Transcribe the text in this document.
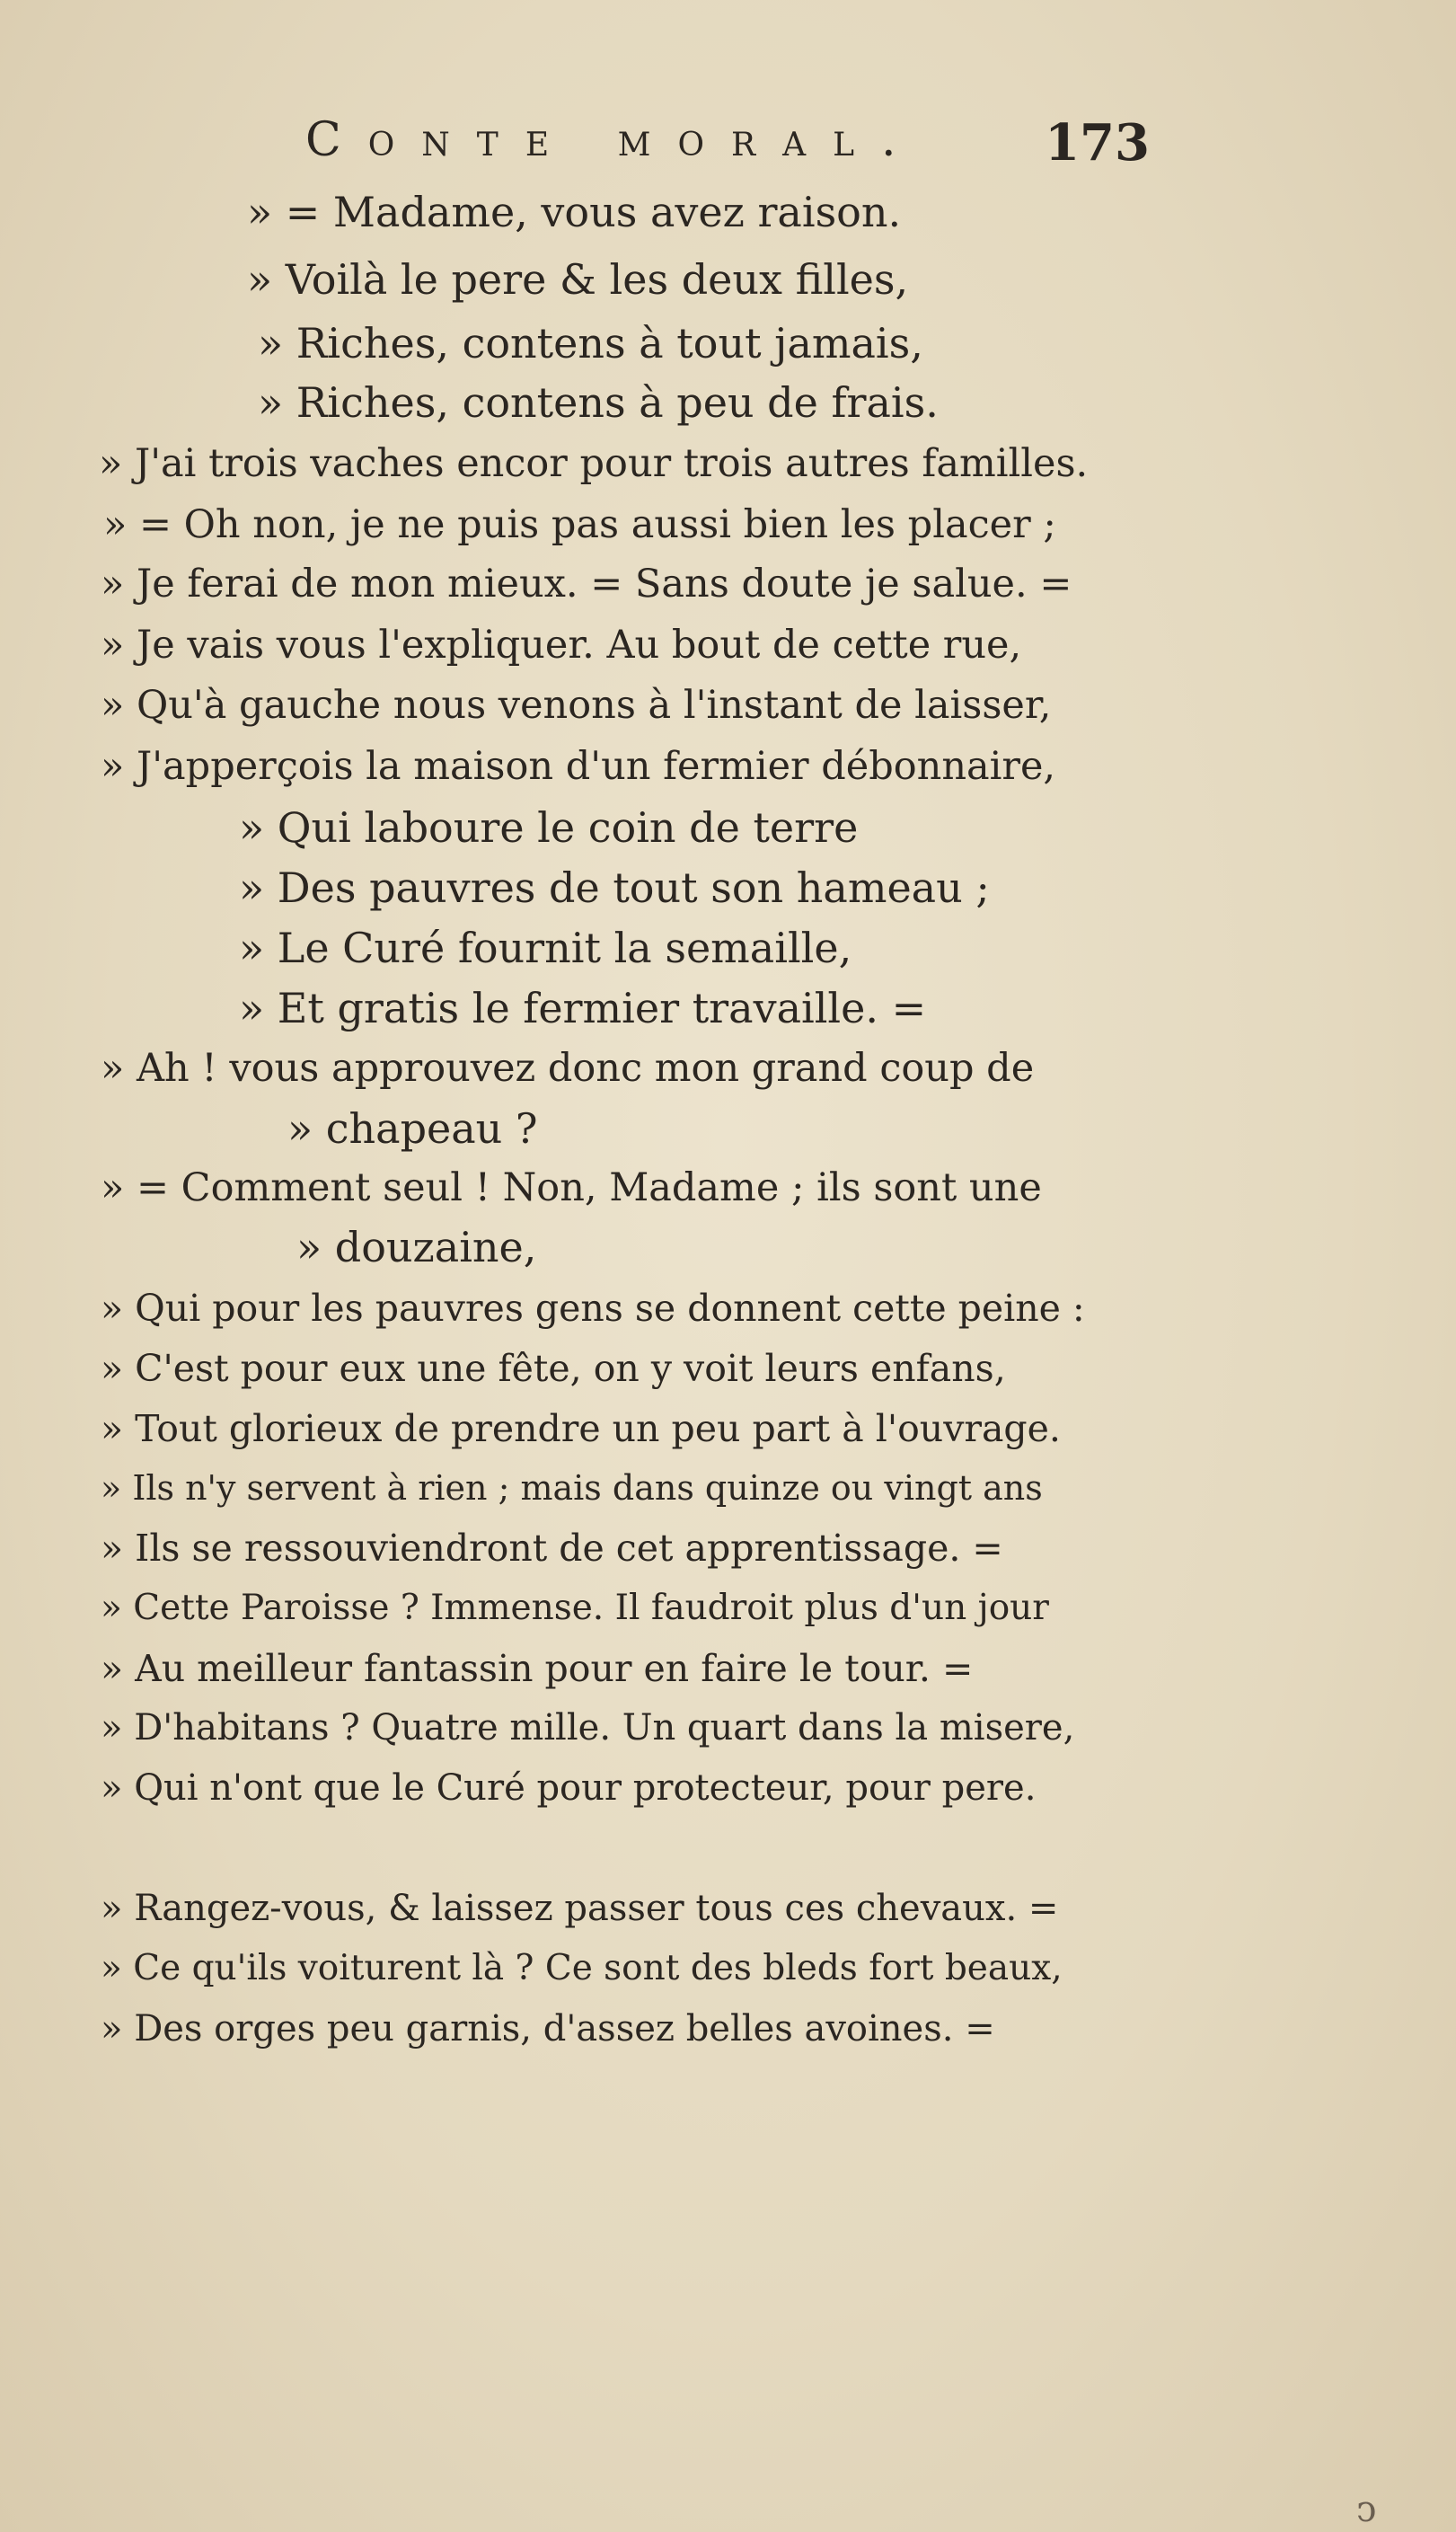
Conte moral. 173
» = Madame, vous avez raison.
» Voilà le pere & les deux filles,
» Riches, contens à tout jamais,
» Riches, contens à peu de frais.
» J'ai trois vaches encor pour trois autres familles.
» = Oh non, je ne puis pas aussi bien les placer ;
» Je ferai de mon mieux. = Sans doute je salue. =
» Je vais vous l'expliquer. Au bout de cette rue,
» Qu'à gauche nous venons à l'instant de laisser,
» J'apperçois la maison d'un fermier débonnaire,
» Qui laboure le coin de terre
» Des pauvres de tout son hameau ;
» Le Curé fournit la semaille,
» Et gratis le fermier travaille. =
» Ah ! vous approuvez donc mon grand coup de
» chapeau ?
» = Comment seul ! Non, Madame ; ils sont une
» douzaine,
» Qui pour les pauvres gens se donnent cette peine :
» C'est pour eux une fête, on y voit leurs enfans,
» Tout glorieux de prendre un peu part à l'ouvrage.
» Ils n'y servent à rien ; mais dans quinze ou vingt ans
» Ils se ressouviendront de cet apprentissage. =
» Cette Paroisse ? Immense. Il faudroit plus d'un jour
» Au meilleur fantassin pour en faire le tour. =
» D'habitans ? Quatre mille. Un quart dans la misere,
» Qui n'ont que le Curé pour protecteur, pour pere.
» Rangez-vous, & laissez passer tous ces chevaux. =
» Ce qu'ils voiturent là ? Ce sont des bleds fort beaux,
» Des orges peu garnis, d'assez belles avoines. =
ↄ
